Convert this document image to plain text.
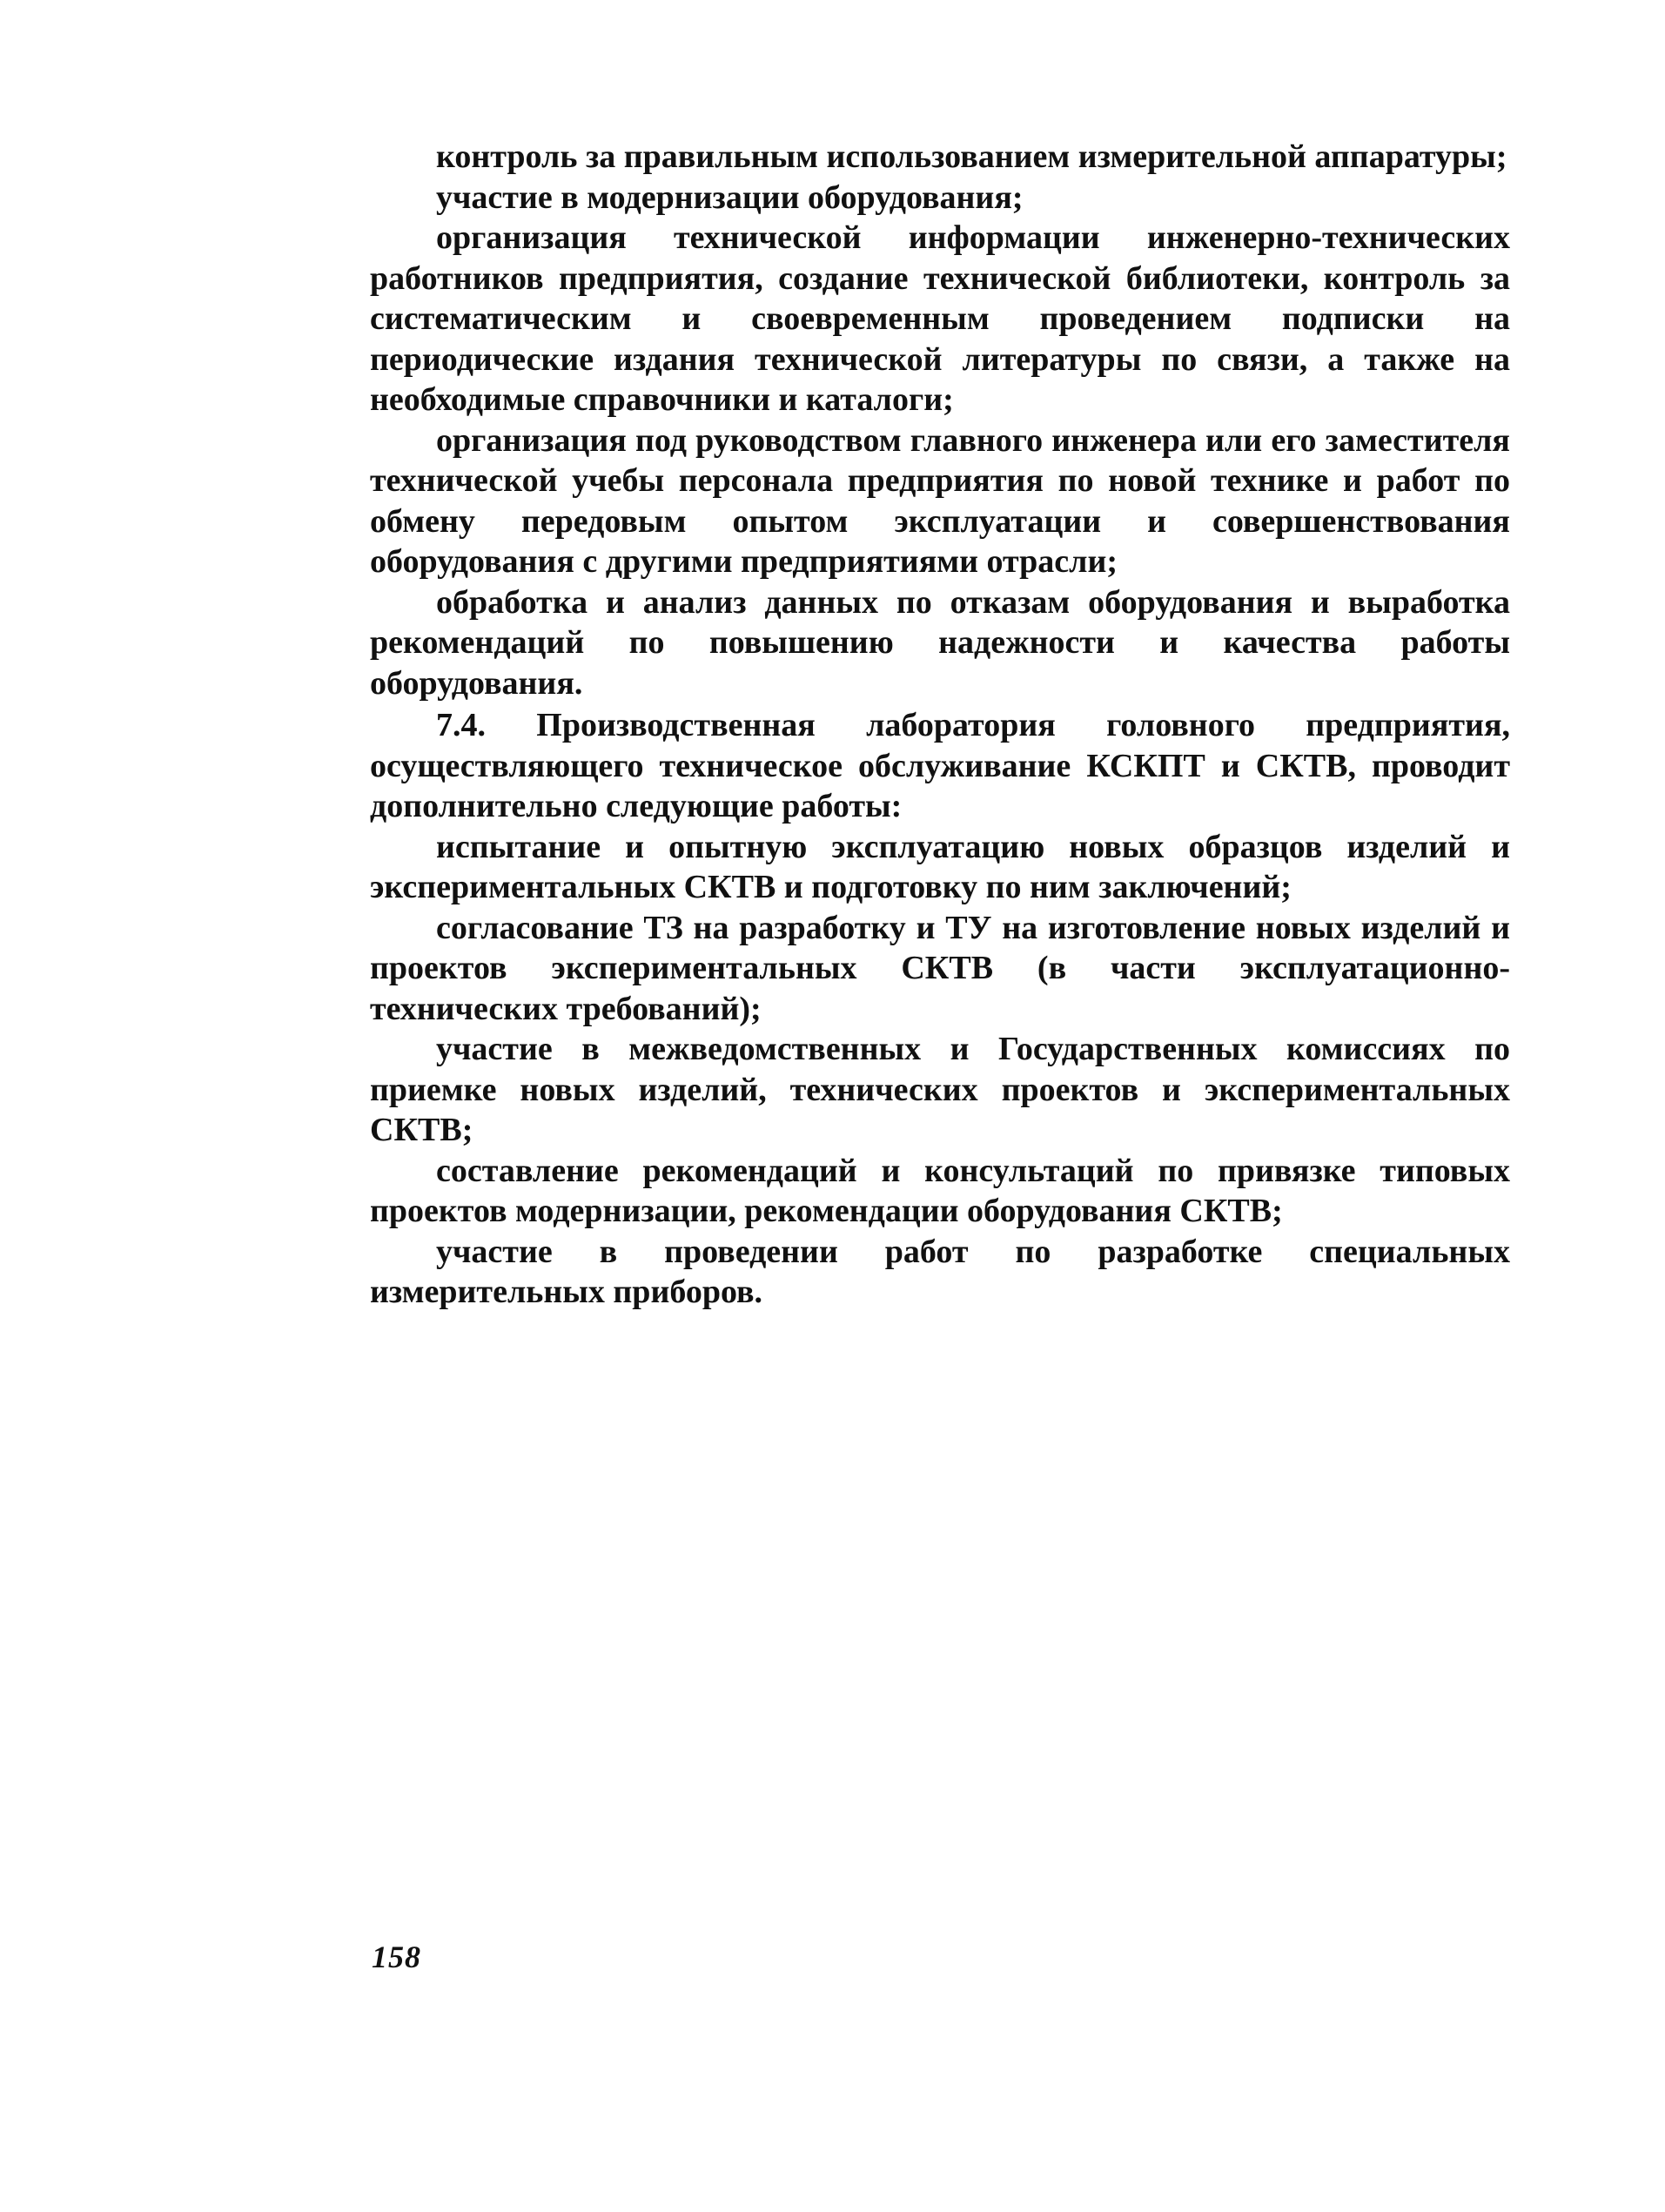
контроль за правильным использованием измерительной аппаратуры;

участие в модернизации оборудования;

организация технической информации инженерно-технических работников предприятия, создание технической библиотеки, контроль за систематическим и своевременным проведением подписки на периодические издания технической литературы по связи, а также на необходимые справочники и каталоги;

организация под руководством главного инженера или его заместителя технической учебы персонала предприятия по новой технике и работ по обмену передовым опытом эксплуатации и совершенствования оборудования с другими предприятиями отрасли;

обработка и анализ данных по отказам оборудования и выработка рекомендаций по повышению надежности и качества работы оборудования.

7.4. Производственная лаборатория головного предприятия, осуществляющего техническое обслуживание КСКПТ и СКТВ, проводит дополнительно следующие работы:

испытание и опытную эксплуатацию новых образцов изделий и экспериментальных СКТВ и подготовку по ним заключений;

согласование ТЗ на разработку и ТУ на изготовление новых изделий и проектов экспериментальных СКТВ (в части эксплуатационно-технических требований);

участие в межведомственных и Государственных комиссиях по приемке новых изделий, технических проектов и экспериментальных СКТВ;

составление рекомендаций и консультаций по привязке типовых проектов модернизации, рекомендации оборудования СКТВ;

участие в проведении работ по разработке специальных измерительных приборов.

158
